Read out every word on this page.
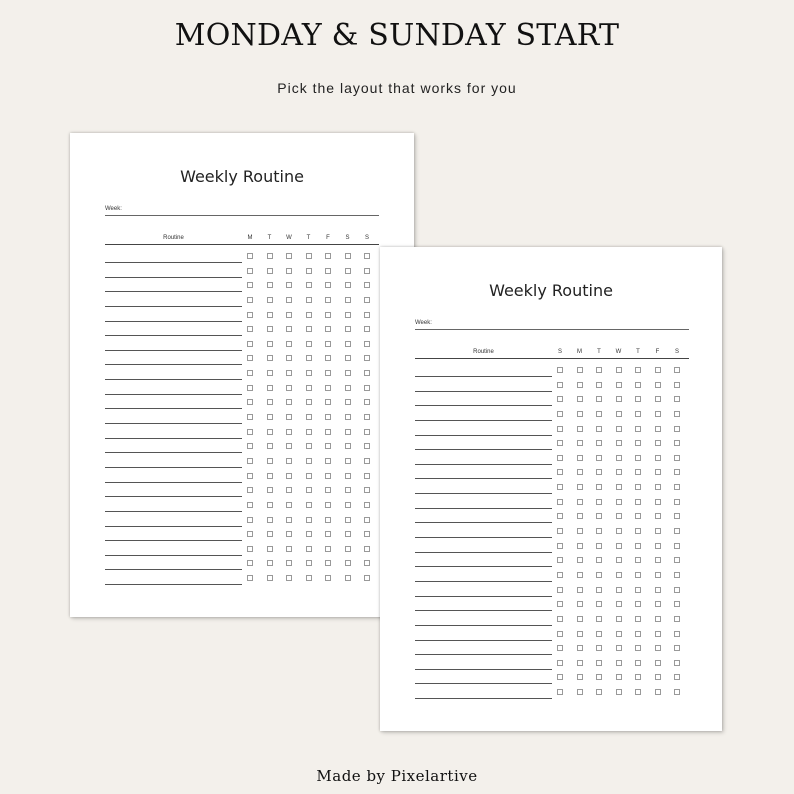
MONDAY & SUNDAY START

Pick the layout that works for you

Weekly Routine
Week:
Routine	M	T	W	T	F	S	S
Weekly Routine
Week:
Routine	S	M	T	W	T	F	S
Made by Pixelartive
